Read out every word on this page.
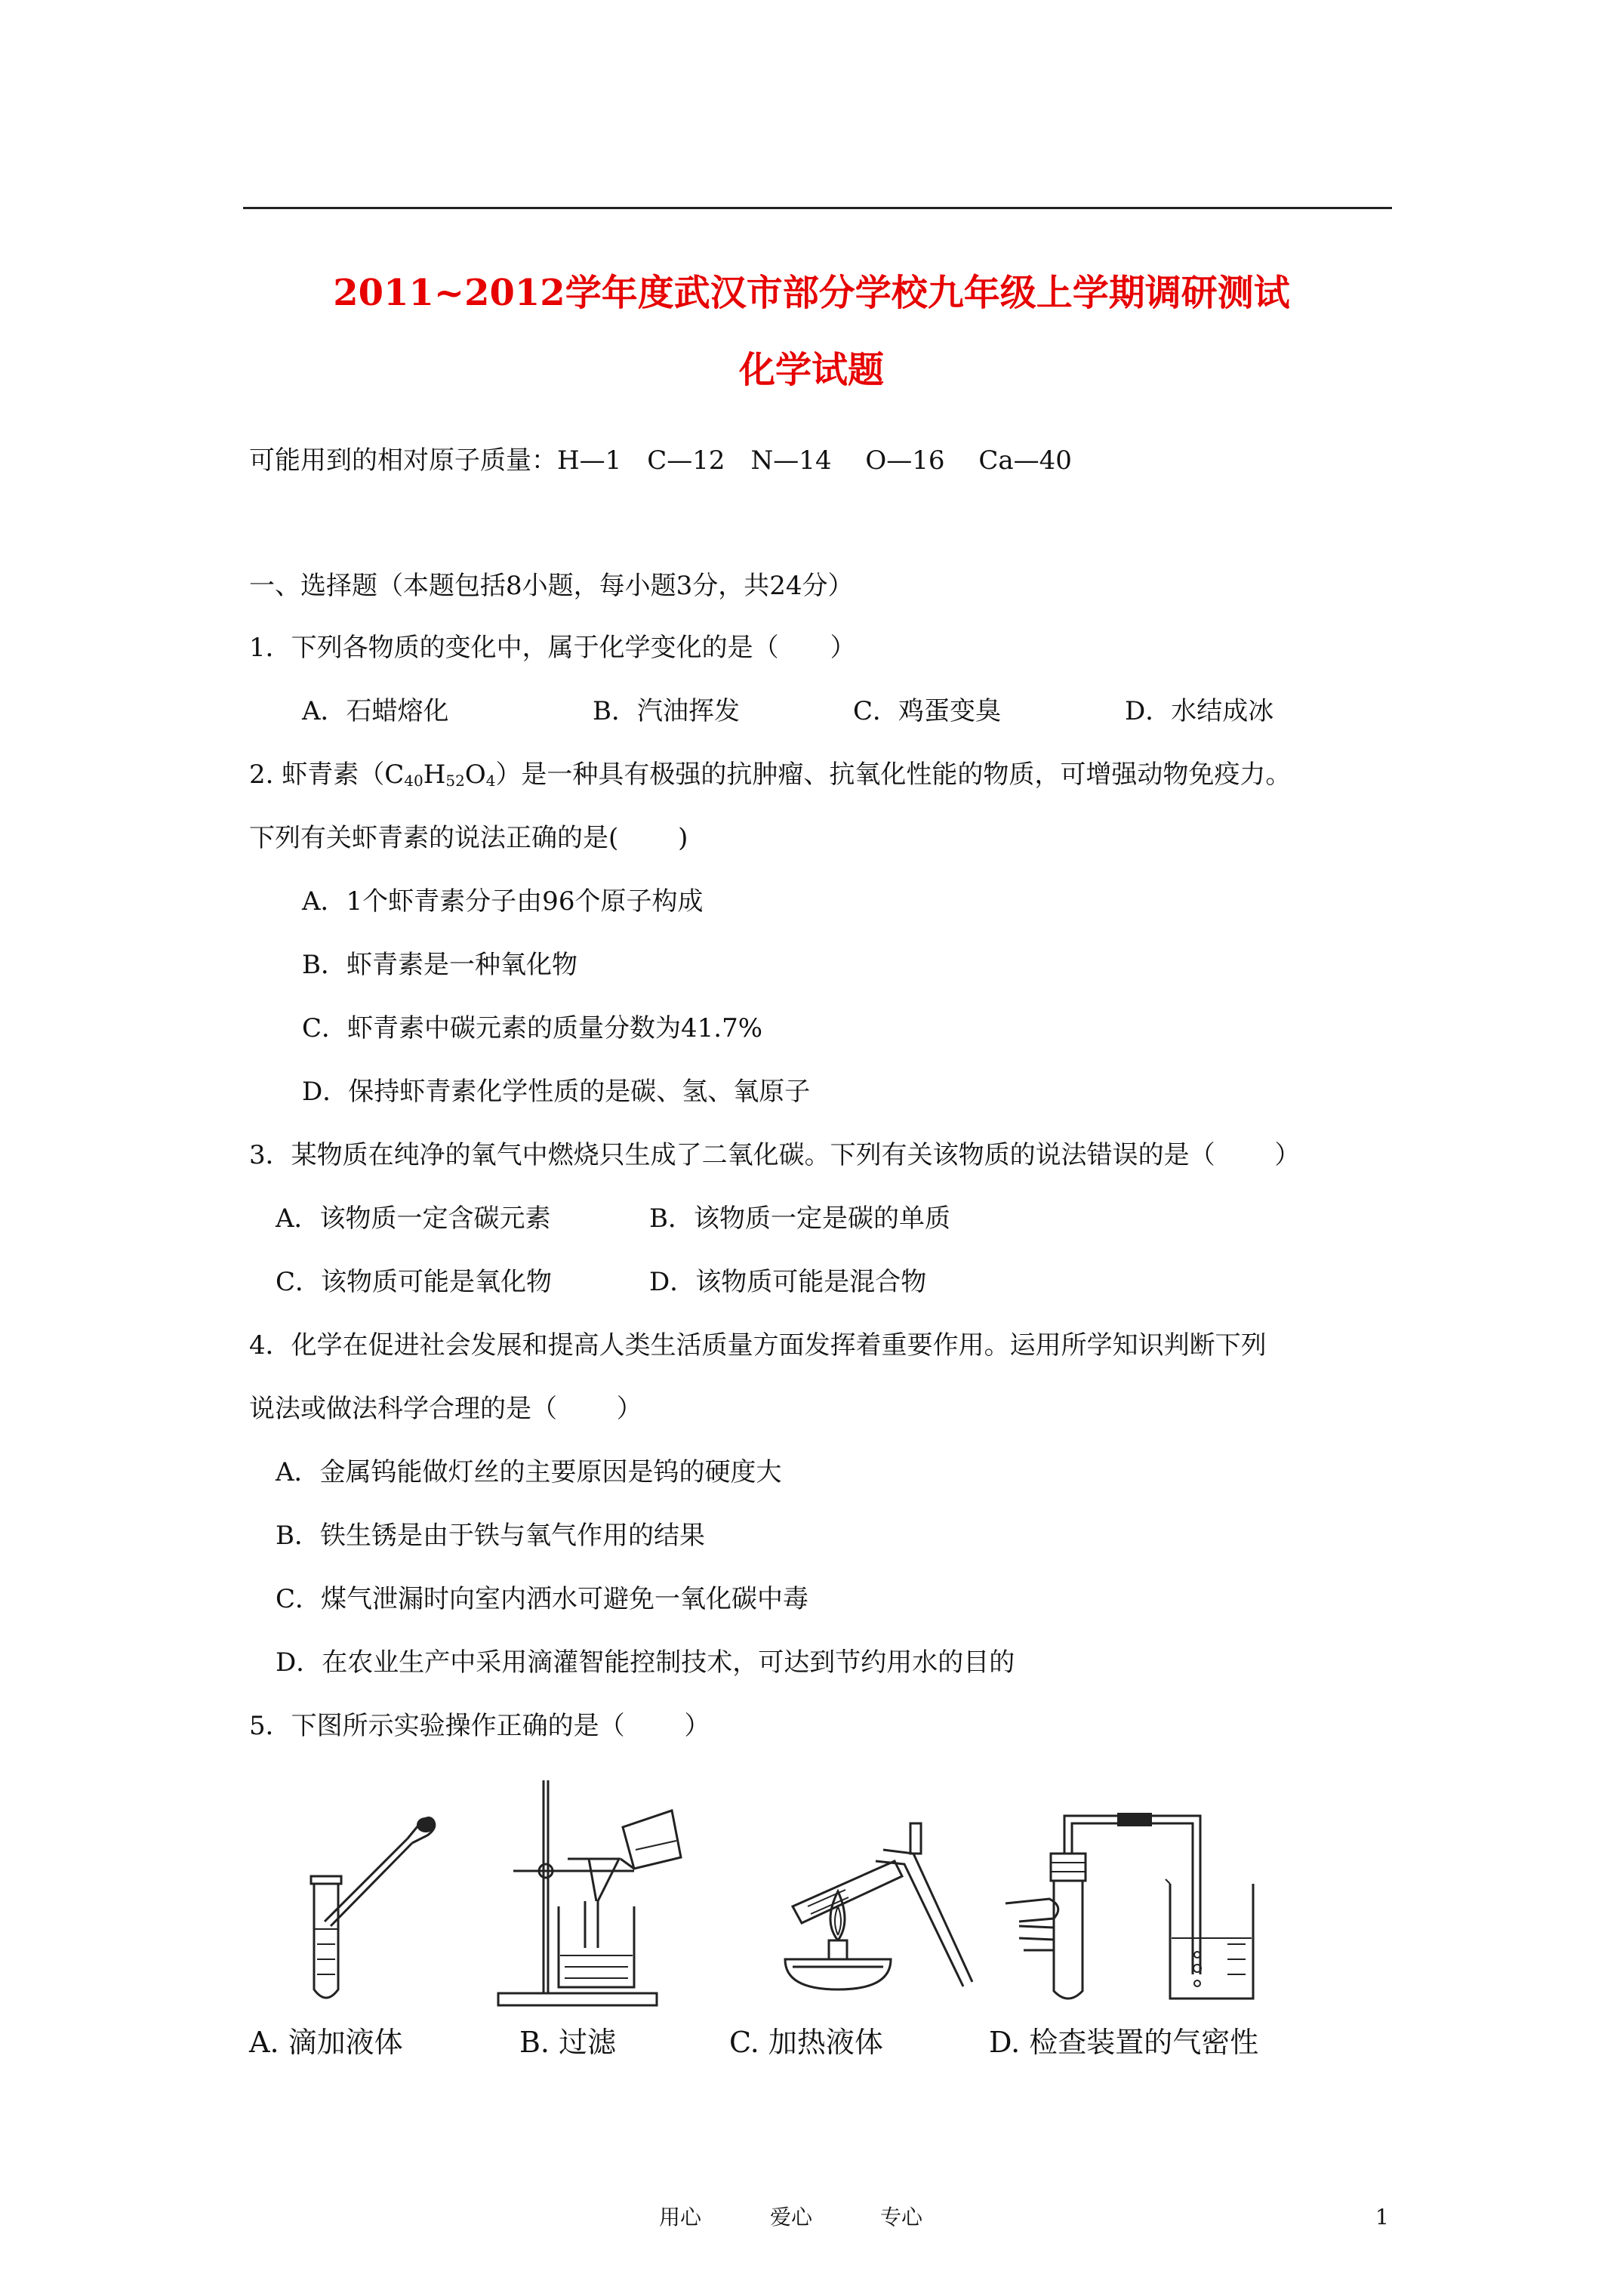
2011~2012学年度武汉市部分学校九年级上学期调研测试
化学试题
可能用到的相对原子质量：H—1　C—12　N—14　 O—16　 Ca—40
一、选择题（本题包括8小题，每小题3分，共24分）
1．下列各物质的变化中，属于化学变化的是（　　）
A．石蜡熔化	B．汽油挥发	C．鸡蛋变臭	D．水结成冰
2. 虾青素$(C_{40}H_{52}O_4)$是一种具有极强的抗肿瘤、抗氧化性能的物质，可增强动物免疫力。
下列有关虾青素的说法正确的是(　　 )
A．1个虾青素分子由96个原子构成
B．虾青素是一种氧化物
C．虾青素中碳元素的质量分数为41.7%
D．保持虾青素化学性质的是碳、氢、氧原子
3．某物质在纯净的氧气中燃烧只生成了二氧化碳。下列有关该物质的说法错误的是（　　 ）
A．该物质一定含碳元素	B．该物质一定是碳的单质
C．该物质可能是氧化物	D．该物质可能是混合物
4．化学在促进社会发展和提高人类生活质量方面发挥着重要作用。运用所学知识判断下列
说法或做法科学合理的是（　　 ）
A．金属钨能做灯丝的主要原因是钨的硬度大
B．铁生锈是由于铁与氧气作用的结果
C．煤气泄漏时向室内洒水可避免一氧化碳中毒
D．在农业生产中采用滴灌智能控制技术，可达到节约用水的目的
5．下图所示实验操作正确的是（　　 ）
A. 滴加液体	B. 过滤	C. 加热液体	D. 检查装置的气密性
用心	爱心	专心	1
